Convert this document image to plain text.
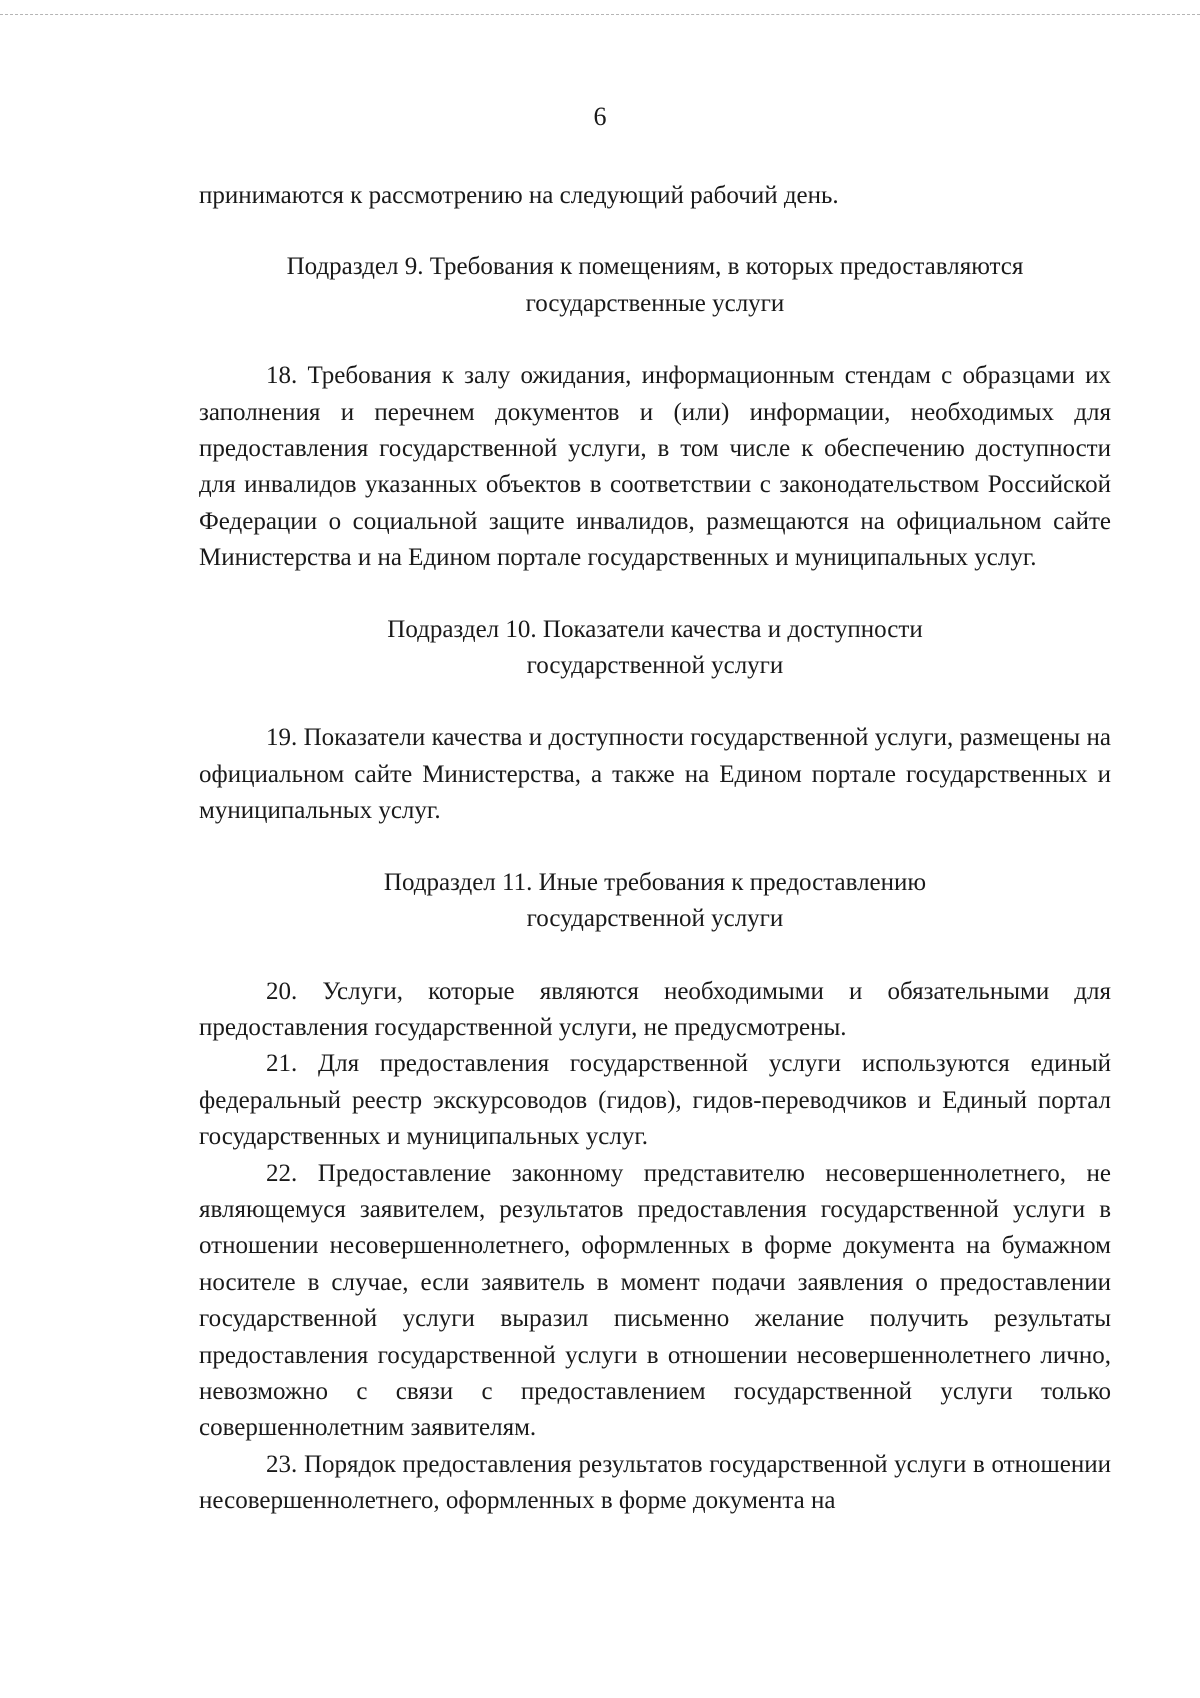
6

принимаются к рассмотрению на следующий рабочий день.

Подраздел 9. Требования к помещениям, в которых предоставляются
государственные услуги

18. Требования к залу ожидания, информационным стендам с образцами их заполнения и перечнем документов и (или) информации, необходимых для предоставления государственной услуги, в том числе к обеспечению доступности для инвалидов указанных объектов в соответствии с законодательством Российской Федерации о социальной защите инвалидов, размещаются на официальном сайте Министерства и на Едином портале государственных и муниципальных услуг.

Подраздел 10. Показатели качества и доступности
государственной услуги

19. Показатели качества и доступности государственной услуги, размещены на официальном сайте Министерства, а также на Едином портале государственных и муниципальных услуг.

Подраздел 11. Иные требования к предоставлению
государственной услуги

20. Услуги, которые являются необходимыми и обязательными для предоставления государственной услуги, не предусмотрены.

21. Для предоставления государственной услуги используются единый федеральный реестр экскурсоводов (гидов), гидов-переводчиков и Единый портал государственных и муниципальных услуг.

22. Предоставление законному представителю несовершеннолетнего, не являющемуся заявителем, результатов предоставления государственной услуги в отношении несовершеннолетнего, оформленных в форме документа на бумажном носителе в случае, если заявитель в момент подачи заявления о предоставлении государственной услуги выразил письменно желание получить результаты предоставления государственной услуги в отношении несовершеннолетнего лично, невозможно с связи с предоставлением государственной услуги только совершеннолетним заявителям.

23. Порядок предоставления результатов государственной услуги в отношении несовершеннолетнего, оформленных в форме документа на
